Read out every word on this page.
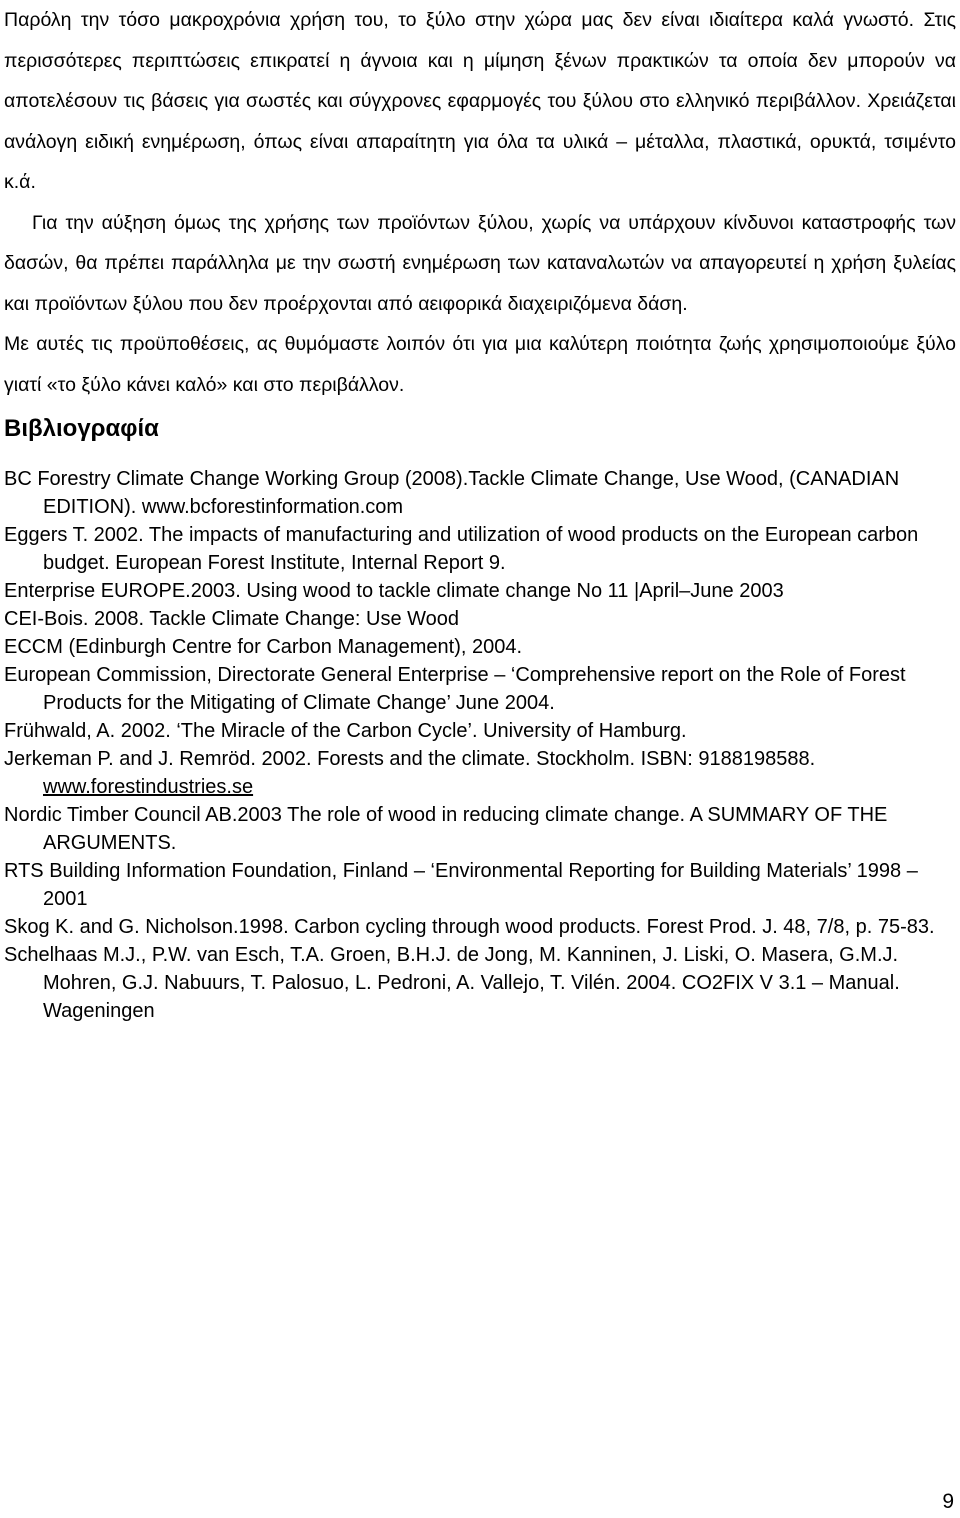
Παρόλη την τόσο μακροχρόνια χρήση του, το ξύλο στην χώρα μας δεν είναι ιδιαίτερα καλά γνωστό. Στις περισσότερες περιπτώσεις επικρατεί η άγνοια και η μίμηση ξένων πρακτικών τα οποία δεν μπορούν να αποτελέσουν τις βάσεις για σωστές και σύγχρονες εφαρμογές του ξύλου στο ελληνικό περιβάλλον. Χρειάζεται ανάλογη ειδική ενημέρωση, όπως είναι απαραίτητη για όλα τα υλικά – μέταλλα, πλαστικά, ορυκτά, τσιμέντο κ.ά.

Για την αύξηση όμως της χρήσης των προϊόντων ξύλου, χωρίς να υπάρχουν κίνδυνοι καταστροφής των δασών, θα πρέπει παράλληλα με την σωστή ενημέρωση των καταναλωτών να απαγορευτεί η χρήση ξυλείας και προϊόντων ξύλου που δεν προέρχονται από αειφορικά διαχειριζόμενα δάση.

Με αυτές τις προϋποθέσεις, ας θυμόμαστε λοιπόν ότι για μια καλύτερη ποιότητα ζωής χρησιμοποιούμε ξύλο γιατί «το ξύλο κάνει καλό» και στο περιβάλλον.

Βιβλιογραφία

BC Forestry Climate Change Working Group (2008).Tackle Climate Change, Use Wood, (CANADIAN EDITION). www.bcforestinformation.com

Eggers T. 2002. The impacts of manufacturing and utilization of wood products on the European carbon budget. European Forest Institute, Internal Report 9.

Enterprise EUROPE.2003. Using wood to tackle climate change No 11 |April–June 2003

CEI-Bois. 2008. Tackle Climate Change: Use Wood

ECCM (Edinburgh Centre for Carbon Management), 2004.

European Commission, Directorate General Enterprise – ‘Comprehensive report on the Role of Forest Products for the Mitigating of Climate Change’ June 2004.

Frühwald, A. 2002. ‘The Miracle of the Carbon Cycle’. University of Hamburg.

Jerkeman P. and J. Remröd. 2002. Forests and the climate. Stockholm. ISBN: 9188198588. www.forestindustries.se

Nordic Timber Council AB.2003 The role of wood in reducing climate change. A SUMMARY OF THE ARGUMENTS.

RTS Building Information Foundation, Finland – ‘Environmental Reporting for Building Materials’ 1998 – 2001

Skog K. and G. Nicholson.1998. Carbon cycling through wood products. Forest Prod. J. 48, 7/8, p. 75-83.

Schelhaas M.J., P.W. van Esch, T.A. Groen, B.H.J. de Jong, M. Kanninen, J. Liski, O. Masera, G.M.J. Mohren, G.J. Nabuurs, T. Palosuo, L. Pedroni, A. Vallejo, T. Vilén. 2004. CO2FIX V 3.1 – Manual. Wageningen

9
